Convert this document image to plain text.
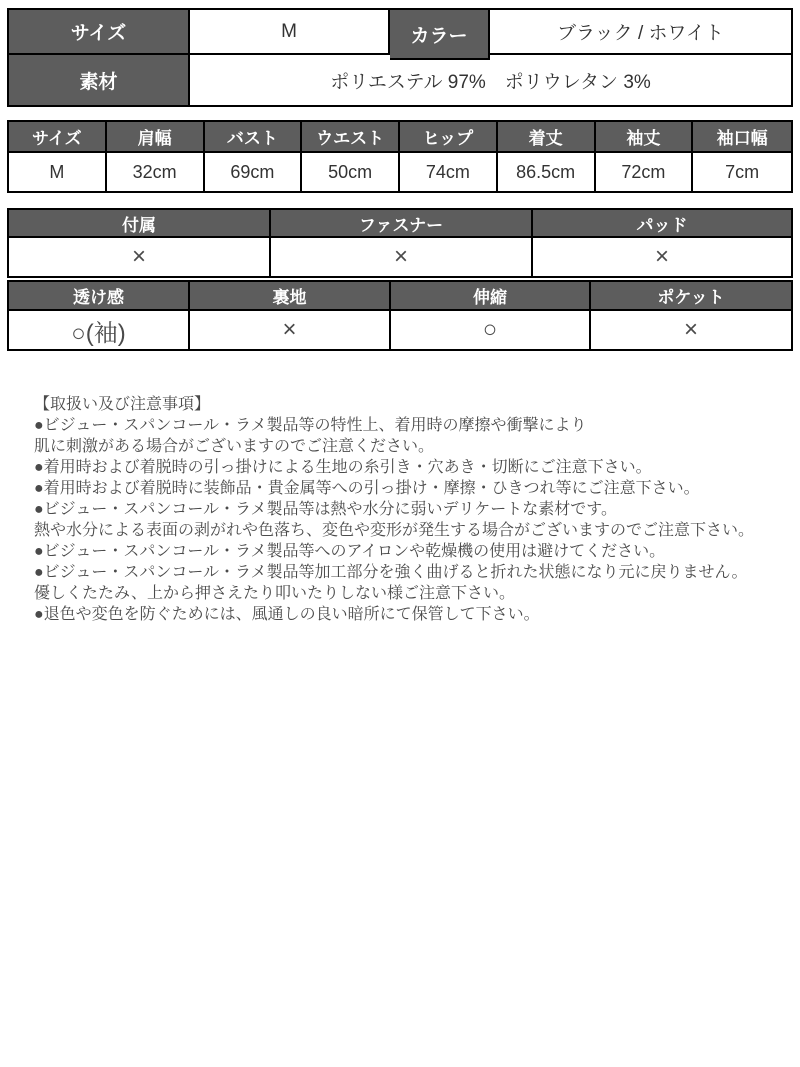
サイズ	M	カラー	ブラック / ホワイト
素材	ポリエステル 97%　ポリウレタン 3%
サイズ	肩幅	バスト	ウエスト	ヒップ	着丈	袖丈	袖口幅
M	32cm	69cm	50cm	74cm	86.5cm	72cm	7cm
付属	ファスナー	パッド
×	×	×
透け感	裏地	伸縮	ポケット
○(袖)	×	○	×
【取扱い及び注意事項】
●ビジュー・スパンコール・ラメ製品等の特性上、着用時の摩擦や衝撃により
肌に刺激がある場合がございますのでご注意ください。
●着用時および着脱時の引っ掛けによる生地の糸引き・穴あき・切断にご注意下さい。
●着用時および着脱時に装飾品・貴金属等への引っ掛け・摩擦・ひきつれ等にご注意下さい。
●ビジュー・スパンコール・ラメ製品等は熱や水分に弱いデリケートな素材です。
熱や水分による表面の剥がれや色落ち、変色や変形が発生する場合がございますのでご注意下さい。
●ビジュー・スパンコール・ラメ製品等へのアイロンや乾燥機の使用は避けてください。
●ビジュー・スパンコール・ラメ製品等加工部分を強く曲げると折れた状態になり元に戻りません。
優しくたたみ、上から押さえたり叩いたりしない様ご注意下さい。
●退色や変色を防ぐためには、風通しの良い暗所にて保管して下さい。
